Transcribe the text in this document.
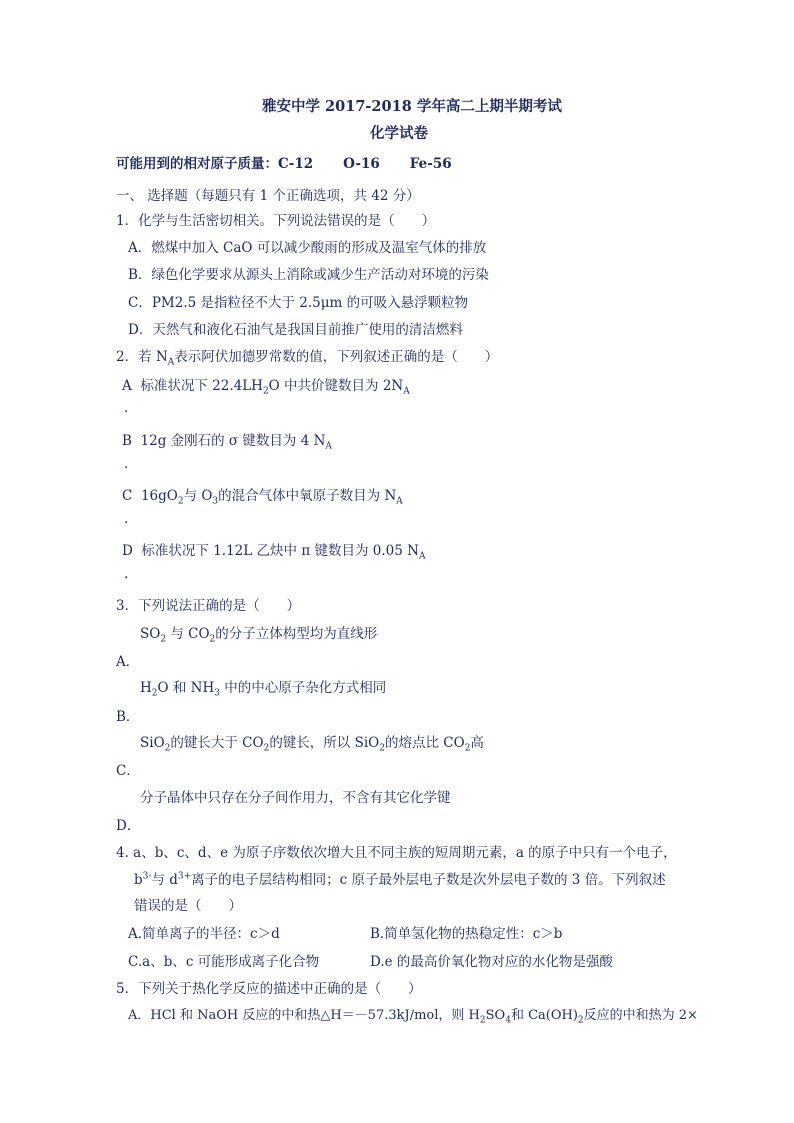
雅安中学 2017-2018 学年高二上期半期考试
化学试卷
可能用到的相对原子质量：C-12 O-16 Fe-56
一、 选择题（每题只有 1 个正确选项，共 42 分）
1．化学与生活密切相关。下列说法错误的是（　　）
A．燃煤中加入 CaO 可以减少酸雨的形成及温室气体的排放
B．绿色化学要求从源头上消除或减少生产活动对环境的污染
C．PM2.5 是指粒径不大于 2.5μm 的可吸入悬浮颗粒物
D．天然气和液化石油气是我国目前推广使用的清洁燃料
2．若 $N_A$表示阿伏加德罗常数的值，下列叙述正确的是（　　）
A 标准状况下 $22.4LH_2O$ 中共价键数目为 $2N_A$
.
B 12g 金刚石的 σ 键数目为 4 $N_A$
.
C $16gO_2$与 $O_3$的混合气体中氧原子数目为 $N_A$
.
D 标准状况下 1.12L 乙炔中 π 键数目为 0.05 $N_A$
.
3．下列说法正确的是（　　）
$SO_2$ 与 $CO_2$的分子立体构型均为直线形
A．
$H_2O$ 和 $NH_3$ 中的中心原子杂化方式相同
B．
SiO$_2$的键长大于 $CO_2$的键长，所以 SiO$_2$的熔点比 $CO_2$高
C．
分子晶体中只存在分子间作用力，不含有其它化学键
D．
4. a、b、c、d、e 为原子序数依次增大且不同主族的短周期元素，a 的原子中只有一个电子，
$b^{3-}$与 $d^{3+}$离子的电子层结构相同；c 原子最外层电子数是次外层电子数的 3 倍。下列叙述
错误的是（　　）
A.简单离子的半径：c＞d	B.简单氢化物的热稳定性：c＞b
C.a、b、c 可能形成离子化合物	D.e 的最高价氧化物对应的水化物是强酸
5．下列关于热化学反应的描述中正确的是（　　）
A．HCl 和 NaOH 反应的中和热△H＝－57.3kJ/mol，则 $H_2SO_4$和 $Ca(OH)_2$反应的中和热为 2×
